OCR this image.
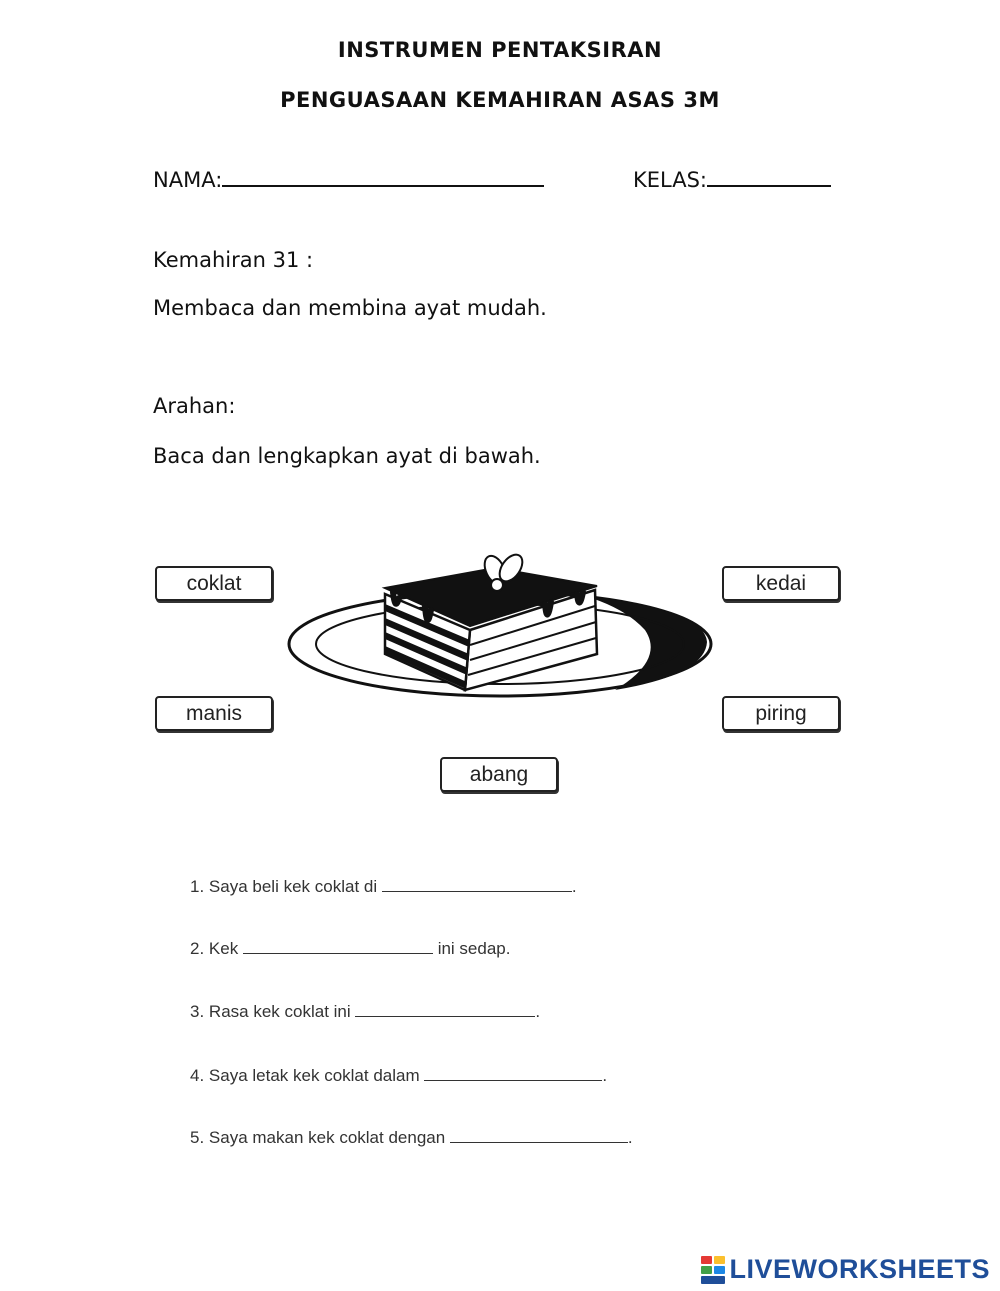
INSTRUMEN PENTAKSIRAN
PENGUASAAN KEMAHIRAN ASAS 3M
NAMA:	KELAS:
Kemahiran 31 :
Membaca dan membina ayat mudah.
Arahan:
Baca dan lengkapkan ayat di bawah.
coklat	kedai
manis	piring
abang
1. Saya beli kek coklat di	.
2. Kek	ini sedap.
3. Rasa kek coklat ini	.
4. Saya letak kek coklat dalam	.
5. Saya makan kek coklat dengan	.
LIVEWORKSHEETS
